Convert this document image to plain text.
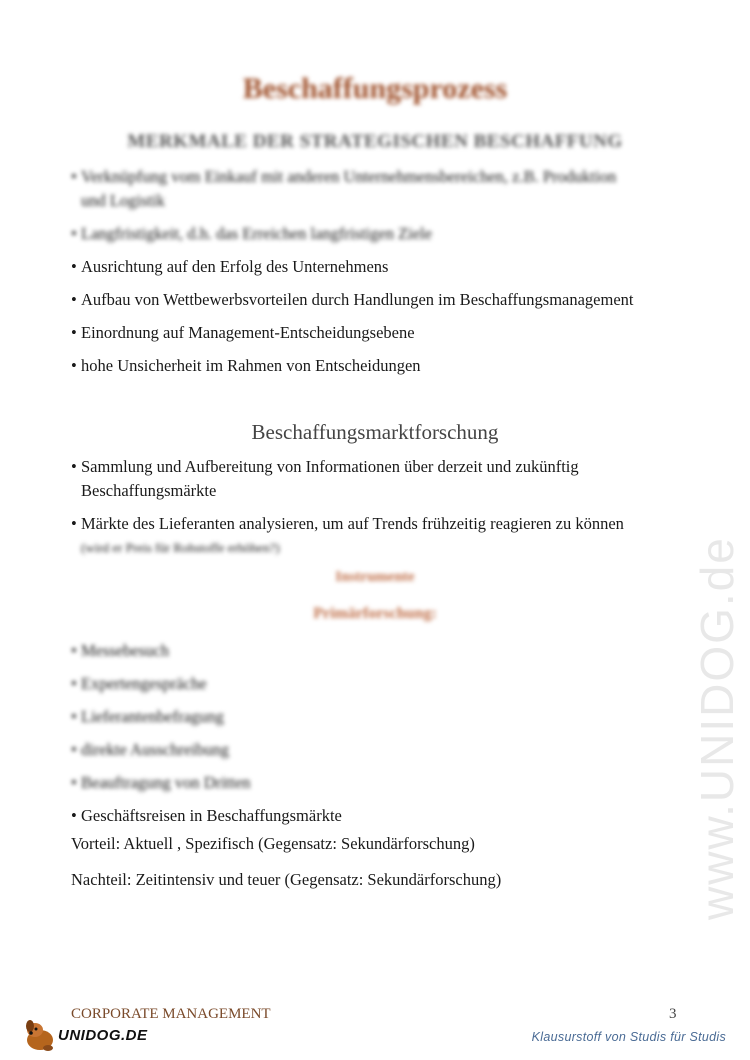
Beschaffungsprozess
MERKMALE DER STRATEGISCHEN BESCHAFFUNG
• Verknüpfung vom Einkauf mit anderen Unternehmensbereichen, z.B. Produktion
und Logistik
• Langfristigkeit, d.h. das Erreichen langfristigen Ziele
• Ausrichtung auf den Erfolg des Unternehmens
• Aufbau von Wettbewerbsvorteilen durch Handlungen im Beschaffungsmanagement
• Einordnung auf Management-Entscheidungsebene
• hohe Unsicherheit im Rahmen von Entscheidungen
Beschaffungsmarktforschung
• Sammlung und Aufbereitung von Informationen über derzeit und zukünftig
Beschaffungsmärkte
• Märkte des Lieferanten analysieren, um auf Trends frühzeitig reagieren zu können
(wird er Preis für Rohstoffe erhöhen?)
Instrumente
Primärforschung:
• Messebesuch
• Expertengespräche
• Lieferantenbefragung
• direkte Ausschreibung
• Beauftragung von Dritten
• Geschäftsreisen in Beschaffungsmärkte
Vorteil: Aktuell , Spezifisch (Gegensatz: Sekundärforschung)
Nachteil: Zeitintensiv und teuer (Gegensatz: Sekundärforschung)	www.UNIDOG.de
CORPORATE MANAGEMENT	3
UNIDOG.DE	Klausurstoff von Studis für Studis
